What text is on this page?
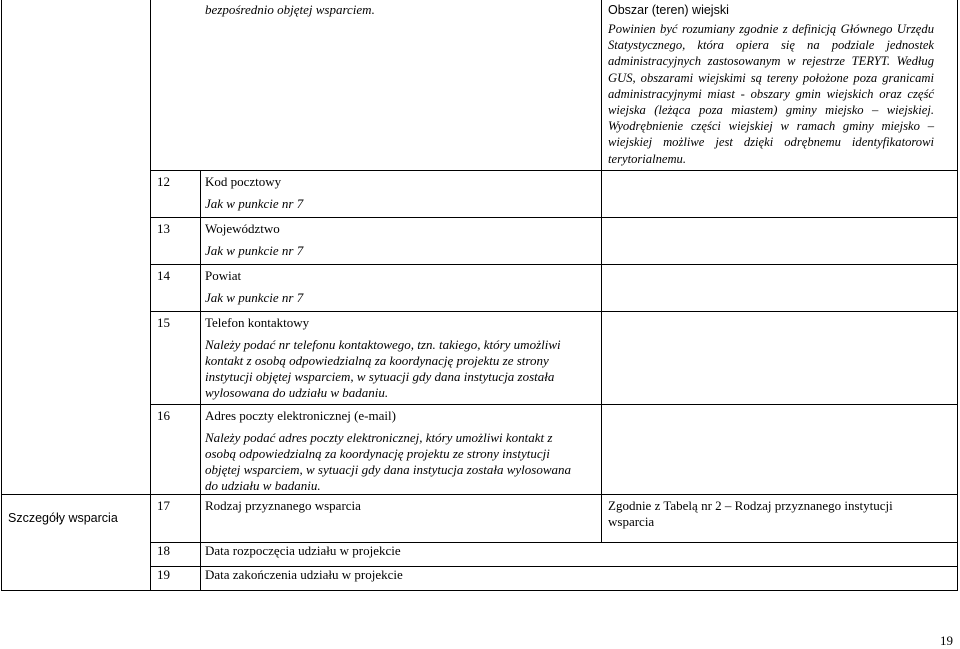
bezpośrednio objętej wsparciem.	Obszar (teren) wiejski
Powinien być rozumiany zgodnie z definicją Głównego Urzędu Statystycznego, która opiera się na podziale jednostek administracyjnych zastosowanym w rejestrze TERYT. Według GUS, obszarami wiejskimi są tereny położone poza granicami administracyjnymi miast - obszary gmin wiejskich oraz część wiejska (leżąca poza miastem) gminy miejsko – wiejskiej. Wyodrębnienie części wiejskiej w ramach gminy miejsko – wiejskiej możliwe jest dzięki odrębnemu identyfikatorowi terytorialnemu.
12	Kod pocztowy
Jak w punkcie nr 7
13	Województwo
Jak w punkcie nr 7
14	Powiat
Jak w punkcie nr 7
15	Telefon kontaktowy
Należy podać nr telefonu kontaktowego, tzn. takiego, który umożliwi kontakt z osobą odpowiedzialną za koordynację projektu ze strony instytucji objętej wsparciem, w sytuacji gdy dana instytucja została wylosowana do udziału w badaniu.
16	Adres poczty elektronicznej (e-mail)
Należy podać adres poczty elektronicznej, który umożliwi kontakt z osobą odpowiedzialną za koordynację projektu ze strony instytucji objętej wsparciem, w sytuacji gdy dana instytucja została wylosowana do udziału w badaniu.
Szczegóły wsparcia
17	Rodzaj przyznanego wsparcia	Zgodnie z Tabelą nr 2 – Rodzaj przyznanego instytucji wsparcia
18	Data rozpoczęcia udziału w projekcie
19	Data zakończenia udziału w projekcie
19
